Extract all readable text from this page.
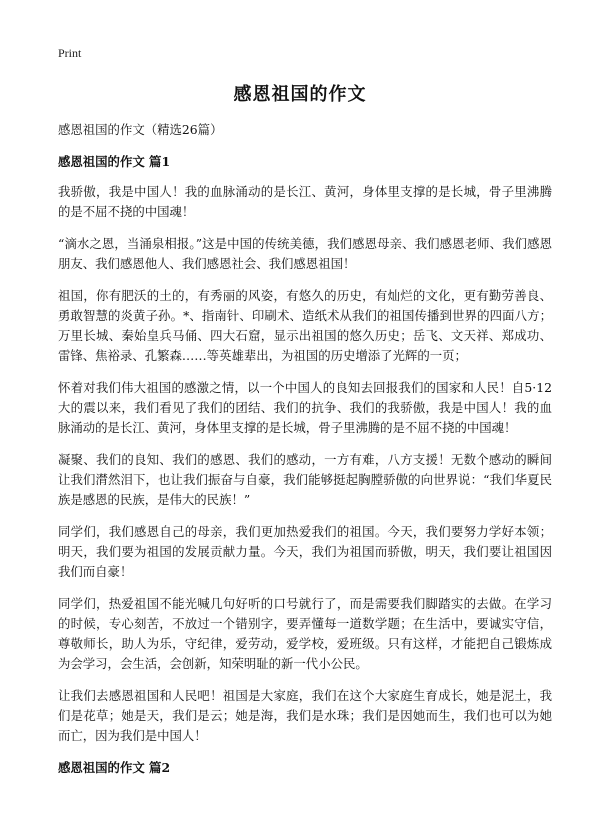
Print
感恩祖国的作文

感恩祖国的作文（精选26篇）

感恩祖国的作文 篇1

我骄傲，我是中国人！我的血脉涌动的是长江、黄河，身体里支撑的是长城，骨子里沸腾的是不屈不挠的中国魂！

“滴水之恩，当涌泉相报。”这是中国的传统美德，我们感恩母亲、我们感恩老师、我们感恩朋友、我们感恩他人、我们感恩社会、我们感恩祖国！

祖国，你有肥沃的土的，有秀丽的风姿，有悠久的历史，有灿烂的文化，更有勤劳善良、勇敢智慧的炎黄子孙。*、指南针、印刷术、造纸术从我们的祖国传播到世界的四面八方；万里长城、秦始皇兵马俑、四大石窟，显示出祖国的悠久历史；岳飞、文天祥、郑成功、雷锋、焦裕录、孔繁森……等英雄辈出，为祖国的历史增添了光辉的一页；

怀着对我们伟大祖国的感激之情，以一个中国人的良知去回报我们的国家和人民！自5·12大的震以来，我们看见了我们的团结、我们的抗争、我们的我骄傲，我是中国人！我的血脉涌动的是长江、黄河，身体里支撑的是长城，骨子里沸腾的是不屈不挠的中国魂！

凝聚、我们的良知、我们的感恩、我们的感动，一方有难，八方支援！无数个感动的瞬间让我们潸然泪下，也让我们振奋与自豪，我们能够挺起胸膛骄傲的向世界说：“我们华夏民族是感恩的民族，是伟大的民族！”

同学们，我们感恩自己的母亲，我们更加热爱我们的祖国。今天，我们要努力学好本领；明天，我们要为祖国的发展贡献力量。今天，我们为祖国而骄傲，明天，我们要让祖国因我们而自豪！

同学们，热爱祖国不能光喊几句好听的口号就行了，而是需要我们脚踏实的去做。在学习的时候，专心刻苦，不放过一个错别字，要弄懂每一道数学题；在生活中，要诚实守信，尊敬师长，助人为乐，守纪律，爱劳动，爱学校，爱班级。只有这样，才能把自己锻炼成为会学习，会生活，会创新，知荣明耻的新一代小公民。

让我们去感恩祖国和人民吧！祖国是大家庭，我们在这个大家庭生育成长，她是泥土，我们是花草；她是天，我们是云；她是海，我们是水珠；我们是因她而生，我们也可以为她而亡，因为我们是中国人！

感恩祖国的作文 篇2
